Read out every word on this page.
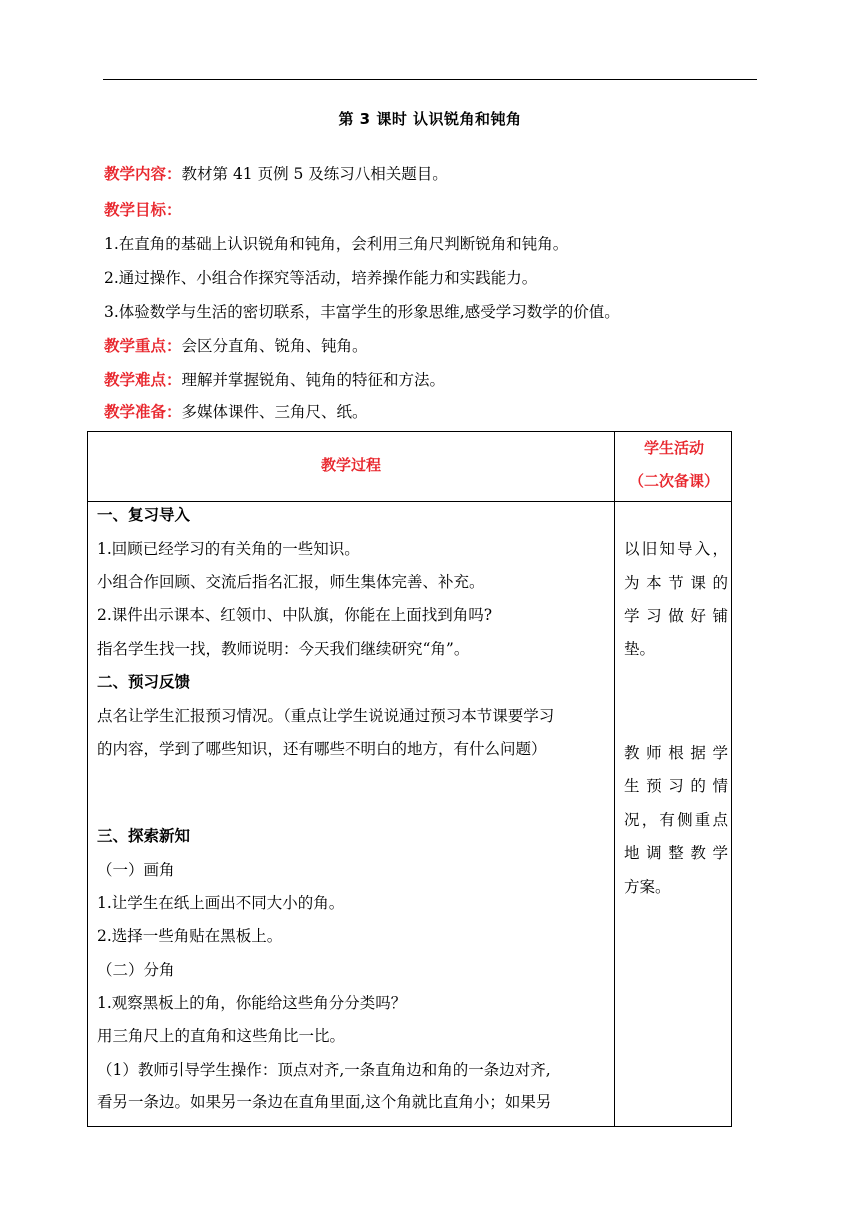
第 3 课时 认识锐角和钝角
教学内容：教材第 41 页例 5 及练习八相关题目。
教学目标：
1.在直角的基础上认识锐角和钝角，会利用三角尺判断锐角和钝角。
2.通过操作、小组合作探究等活动，培养操作能力和实践能力。
3.体验数学与生活的密切联系，丰富学生的形象思维,感受学习数学的价值。
教学重点：会区分直角、锐角、钝角。
教学难点：理解并掌握锐角、钝角的特征和方法。
教学准备：多媒体课件、三角尺、纸。
教学过程
学生活动
（二次备课）
一、复习导入
1.回顾已经学习的有关角的一些知识。
小组合作回顾、交流后指名汇报，师生集体完善、补充。
2.课件出示课本、红领巾、中队旗，你能在上面找到角吗?
指名学生找一找，教师说明：今天我们继续研究“角”。
二、预习反馈
点名让学生汇报预习情况。（重点让学生说说通过预习本节课要学习
的内容，学到了哪些知识，还有哪些不明白的地方，有什么问题）
三、探索新知
（一）画角
1.让学生在纸上画出不同大小的角。
2.选择一些角贴在黑板上。
（二）分角
1.观察黑板上的角，你能给这些角分分类吗？
用三角尺上的直角和这些角比一比。
（1）教师引导学生操作：顶点对齐,一条直角边和角的一条边对齐,
看另一条边。如果另一条边在直角里面,这个角就比直角小；如果另
以旧知导入，
为本节课的
学习做好铺
垫。
教师根据学
生预习的情
况，有侧重点
地调整教学
方案。
